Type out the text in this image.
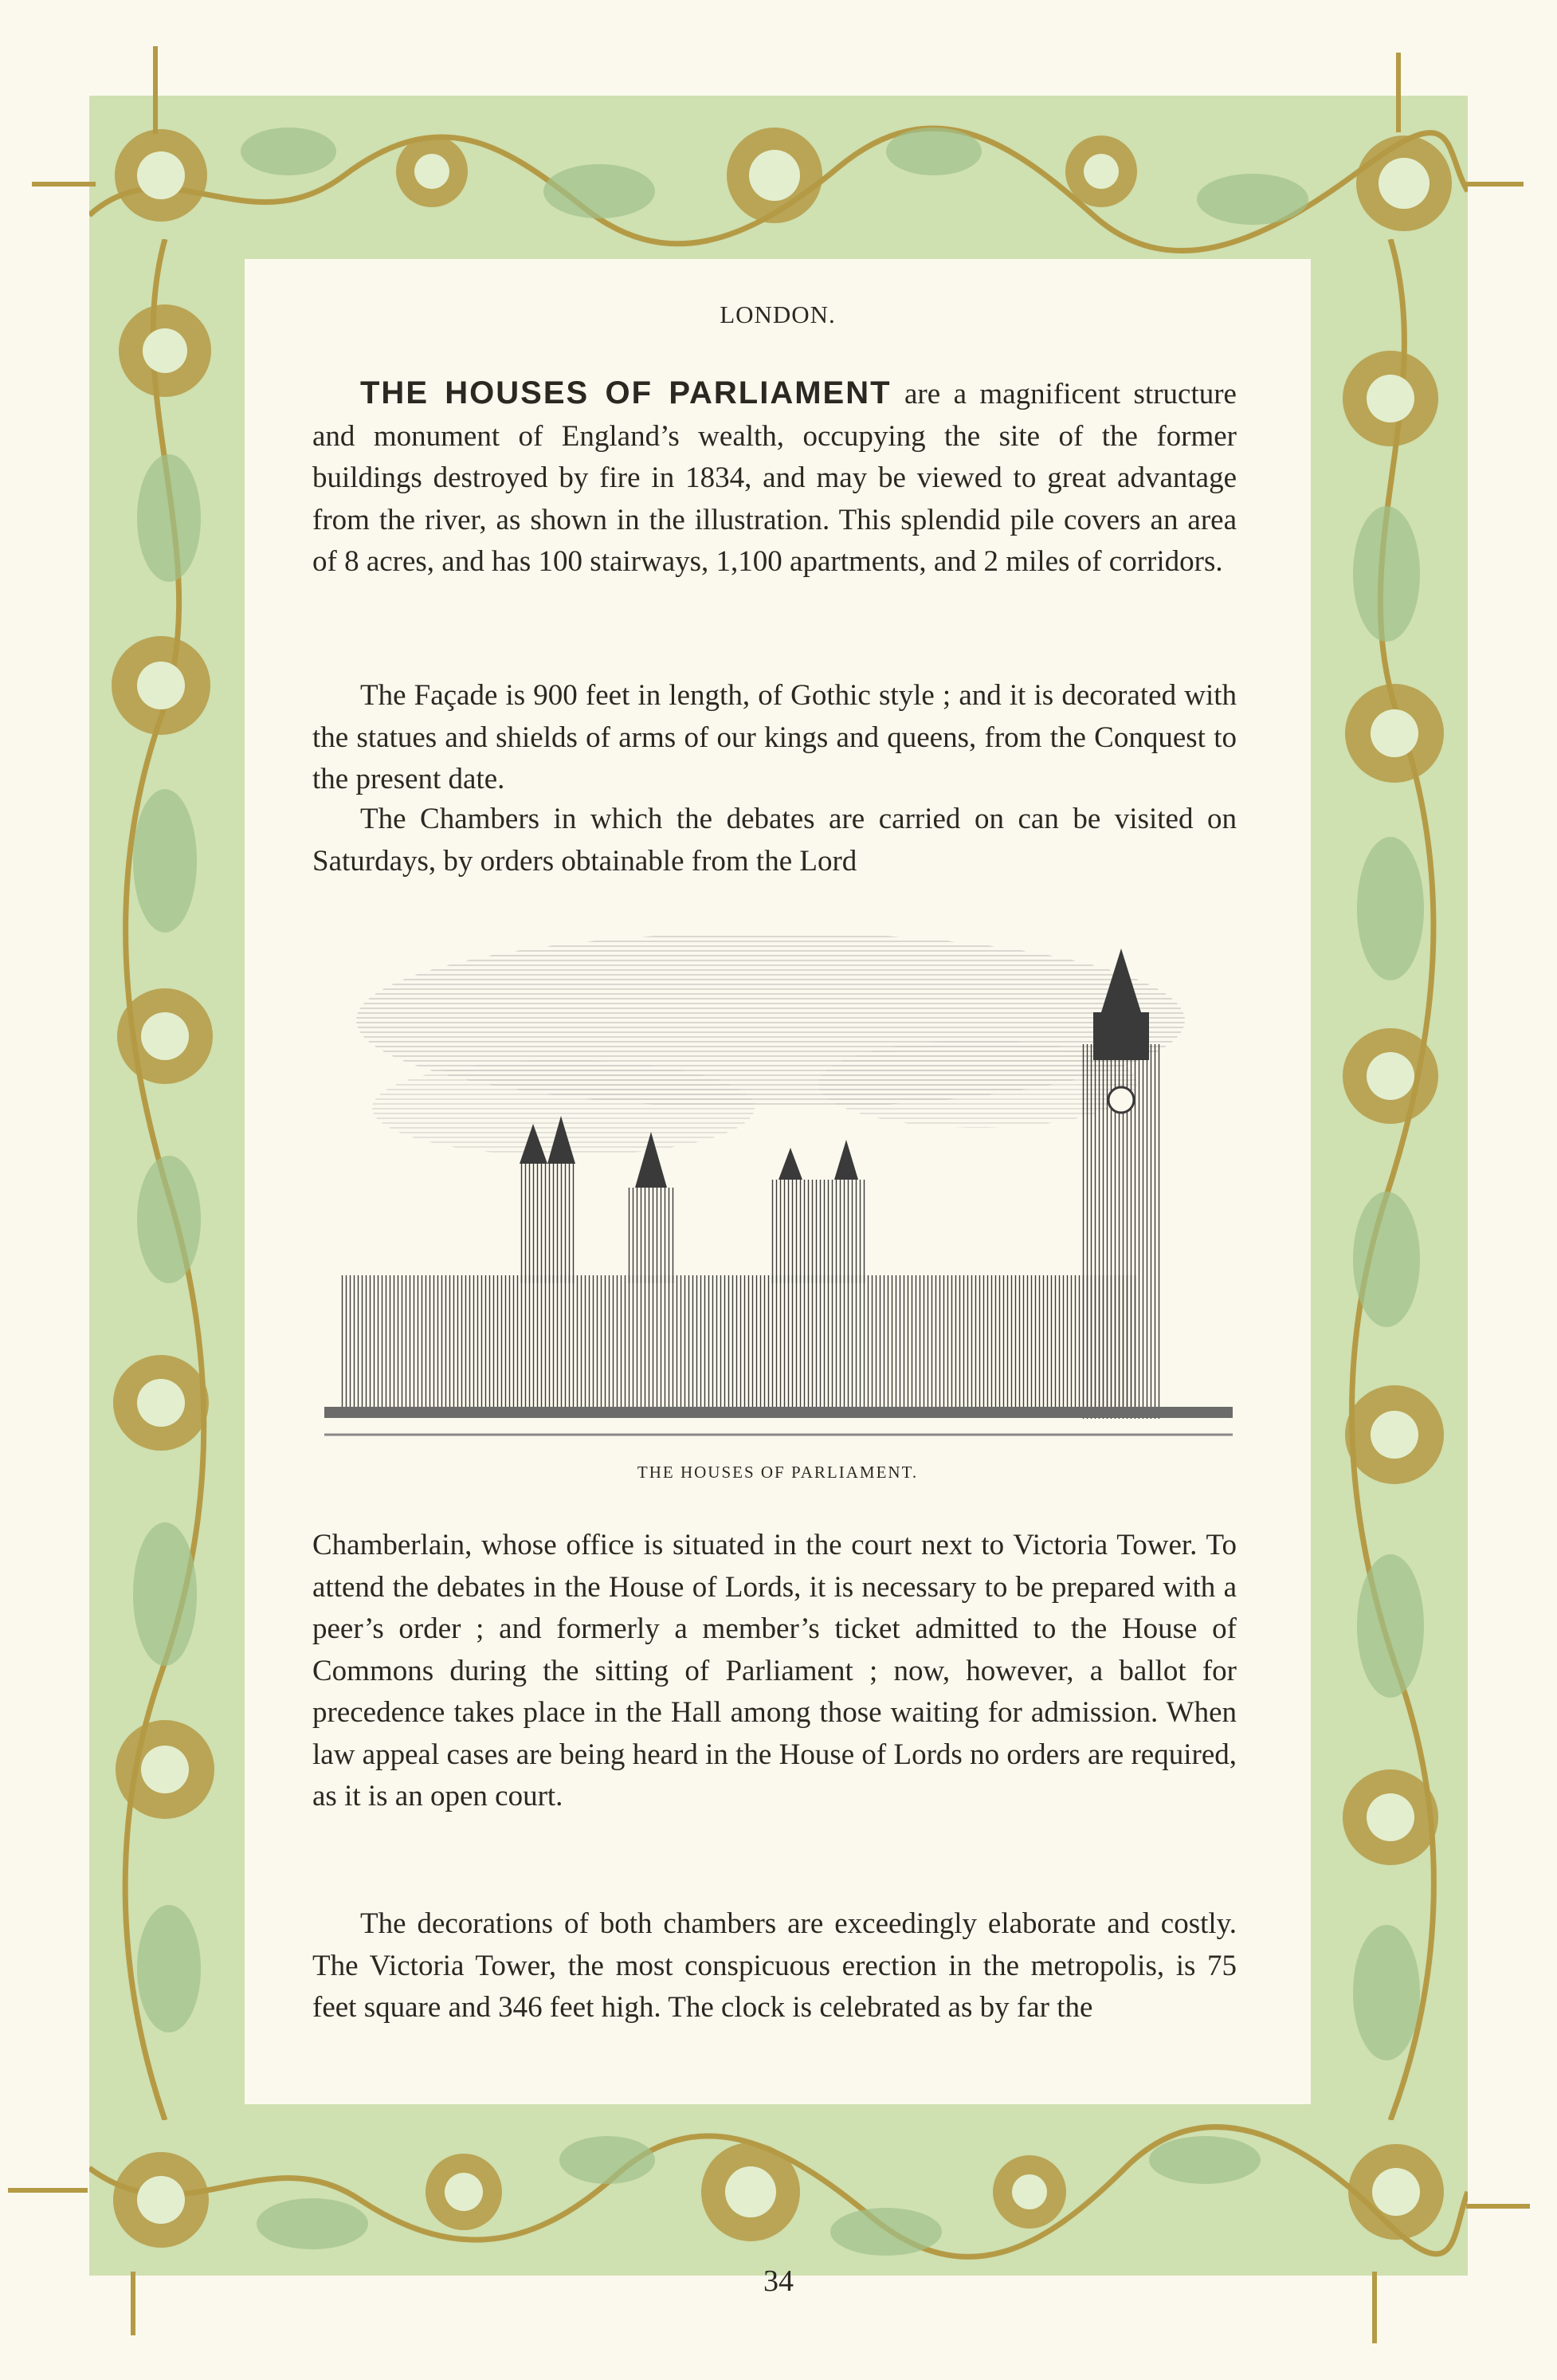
LONDON.

THE HOUSES OF PARLIAMENT are a magnificent structure and monument of England’s wealth, occupying the site of the former buildings destroyed by fire in 1834, and may be viewed to great advantage from the river, as shown in the illustration. This splendid pile covers an area of 8 acres, and has 100 stairways, 1,100 apartments, and 2 miles of corridors.

The Façade is 900 feet in length, of Gothic style ; and it is decorated with the statues and shields of arms of our kings and queens, from the Conquest to the present date.

The Chambers in which the debates are carried on can be visited on Saturdays, by orders obtainable from the Lord

THE HOUSES OF PARLIAMENT.

Chamberlain, whose office is situated in the court next to Victoria Tower. To attend the debates in the House of Lords, it is necessary to be prepared with a peer’s order ; and formerly a member’s ticket admitted to the House of Commons during the sitting of Parliament ; now, however, a ballot for precedence takes place in the Hall among those waiting for admission. When law appeal cases are being heard in the House of Lords no orders are required, as it is an open court.

The decorations of both chambers are exceedingly elaborate and costly. The Victoria Tower, the most conspicuous erection in the metropolis, is 75 feet square and 346 feet high. The clock is celebrated as by far the

34
